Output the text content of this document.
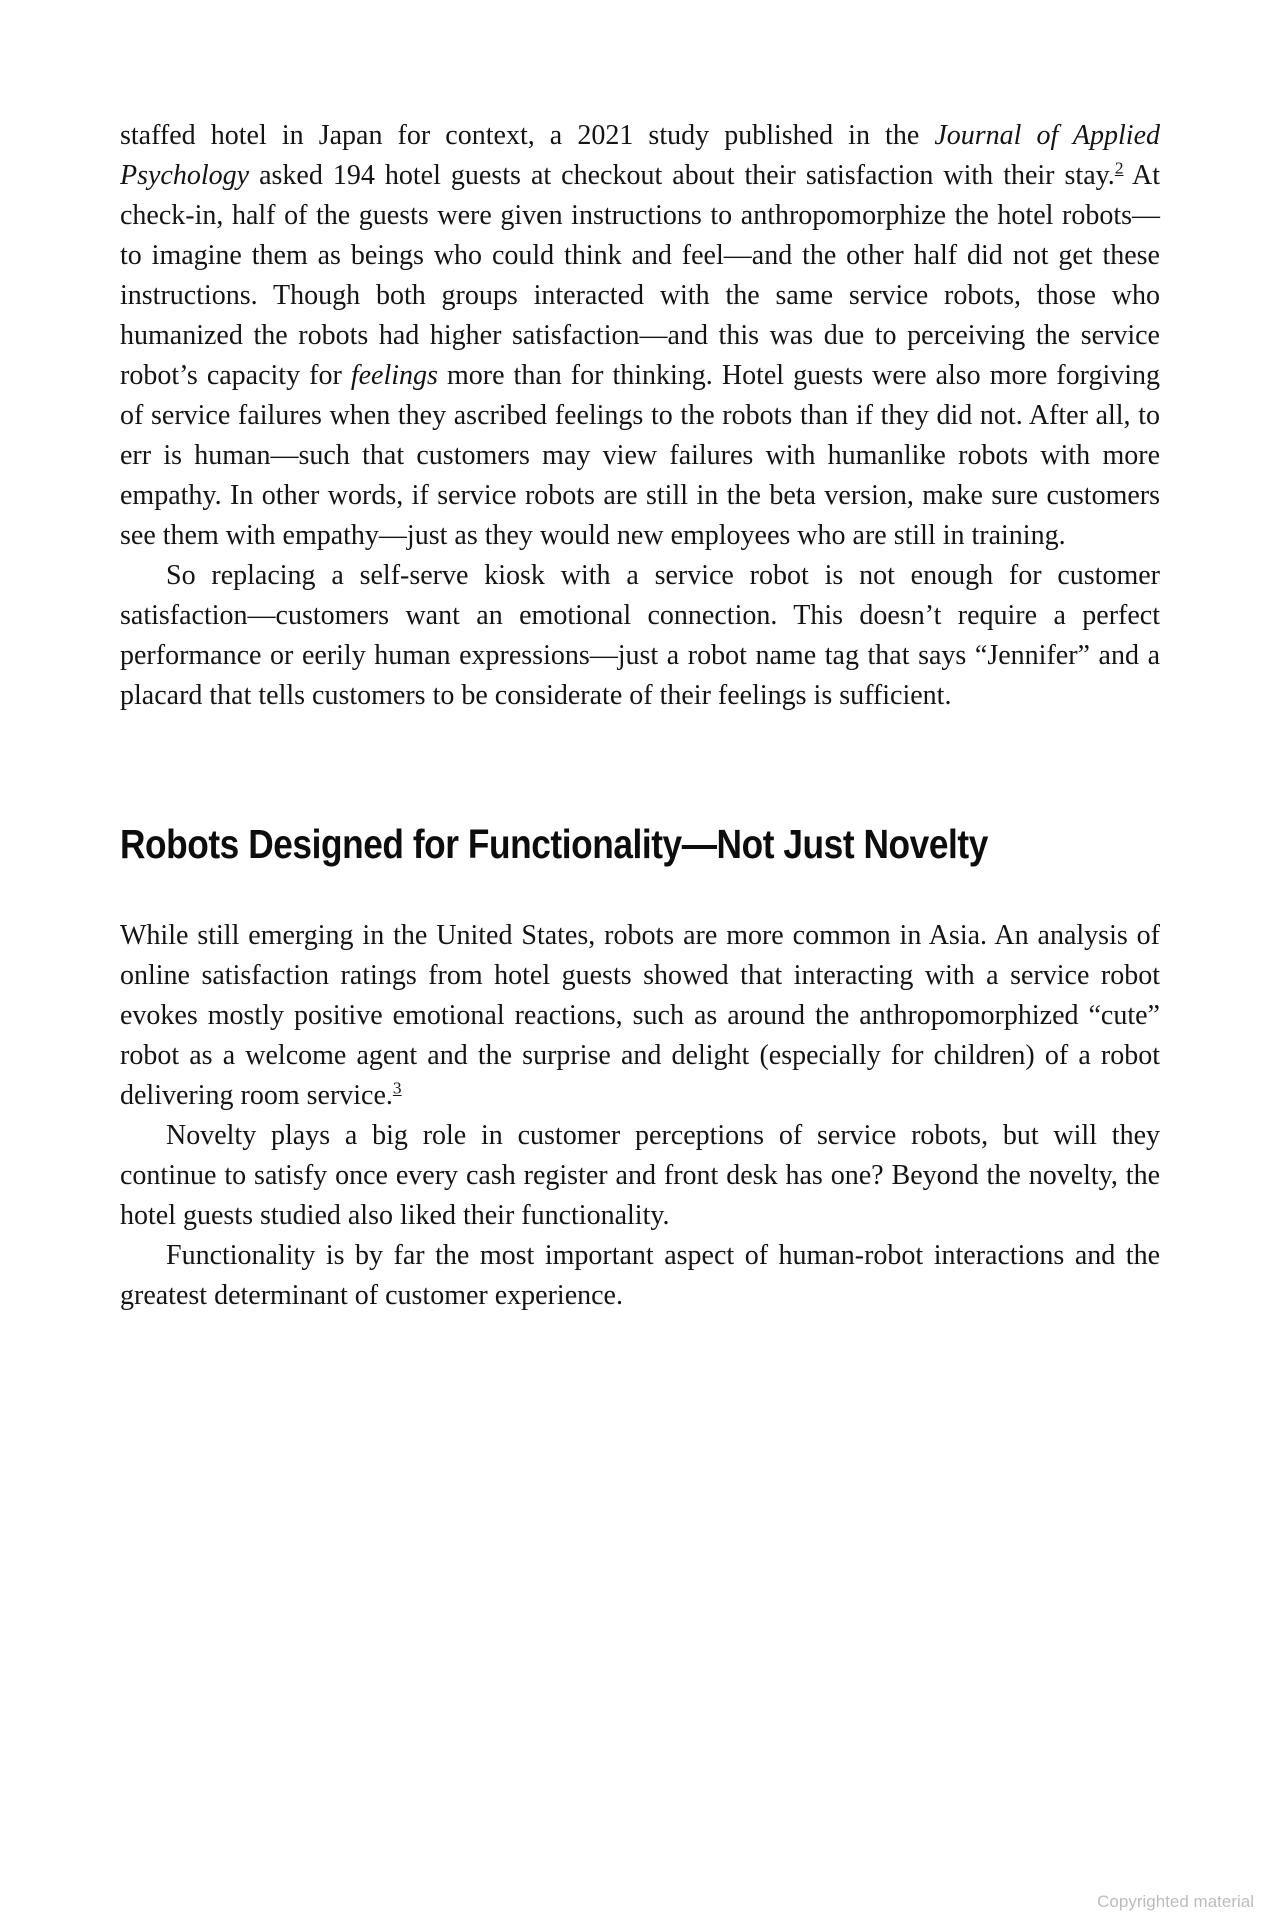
staffed hotel in Japan for context, a 2021 study published in the Journal of Applied Psychology asked 194 hotel guests at checkout about their satisfaction with their stay.$^2$ At check-in, half of the guests were given instructions to anthropomorphize the hotel robots—to imagine them as beings who could think and feel—and the other half did not get these instructions. Though both groups interacted with the same service robots, those who humanized the robots had higher satisfaction—and this was due to perceiving the service robot’s capacity for feelings more than for thinking. Hotel guests were also more forgiving of service failures when they ascribed feelings to the robots than if they did not. After all, to err is human—such that customers may view failures with humanlike robots with more empathy. In other words, if service robots are still in the beta version, make sure customers see them with empathy—just as they would new employees who are still in training.

So replacing a self-serve kiosk with a service robot is not enough for customer satisfaction—customers want an emotional connection. This doesn’t require a perfect performance or eerily human expressions—just a robot name tag that says “Jennifer” and a placard that tells customers to be considerate of their feelings is sufficient.

Robots Designed for Functionality—Not Just Novelty

While still emerging in the United States, robots are more common in Asia. An analysis of online satisfaction ratings from hotel guests showed that interacting with a service robot evokes mostly positive emotional reactions, such as around the anthropomorphized “cute” robot as a welcome agent and the surprise and delight (especially for children) of a robot delivering room service.$^3$

Novelty plays a big role in customer perceptions of service robots, but will they continue to satisfy once every cash register and front desk has one? Beyond the novelty, the hotel guests studied also liked their functionality.

Functionality is by far the most important aspect of human-robot interactions and the greatest determinant of customer experience.

Copyrighted material
